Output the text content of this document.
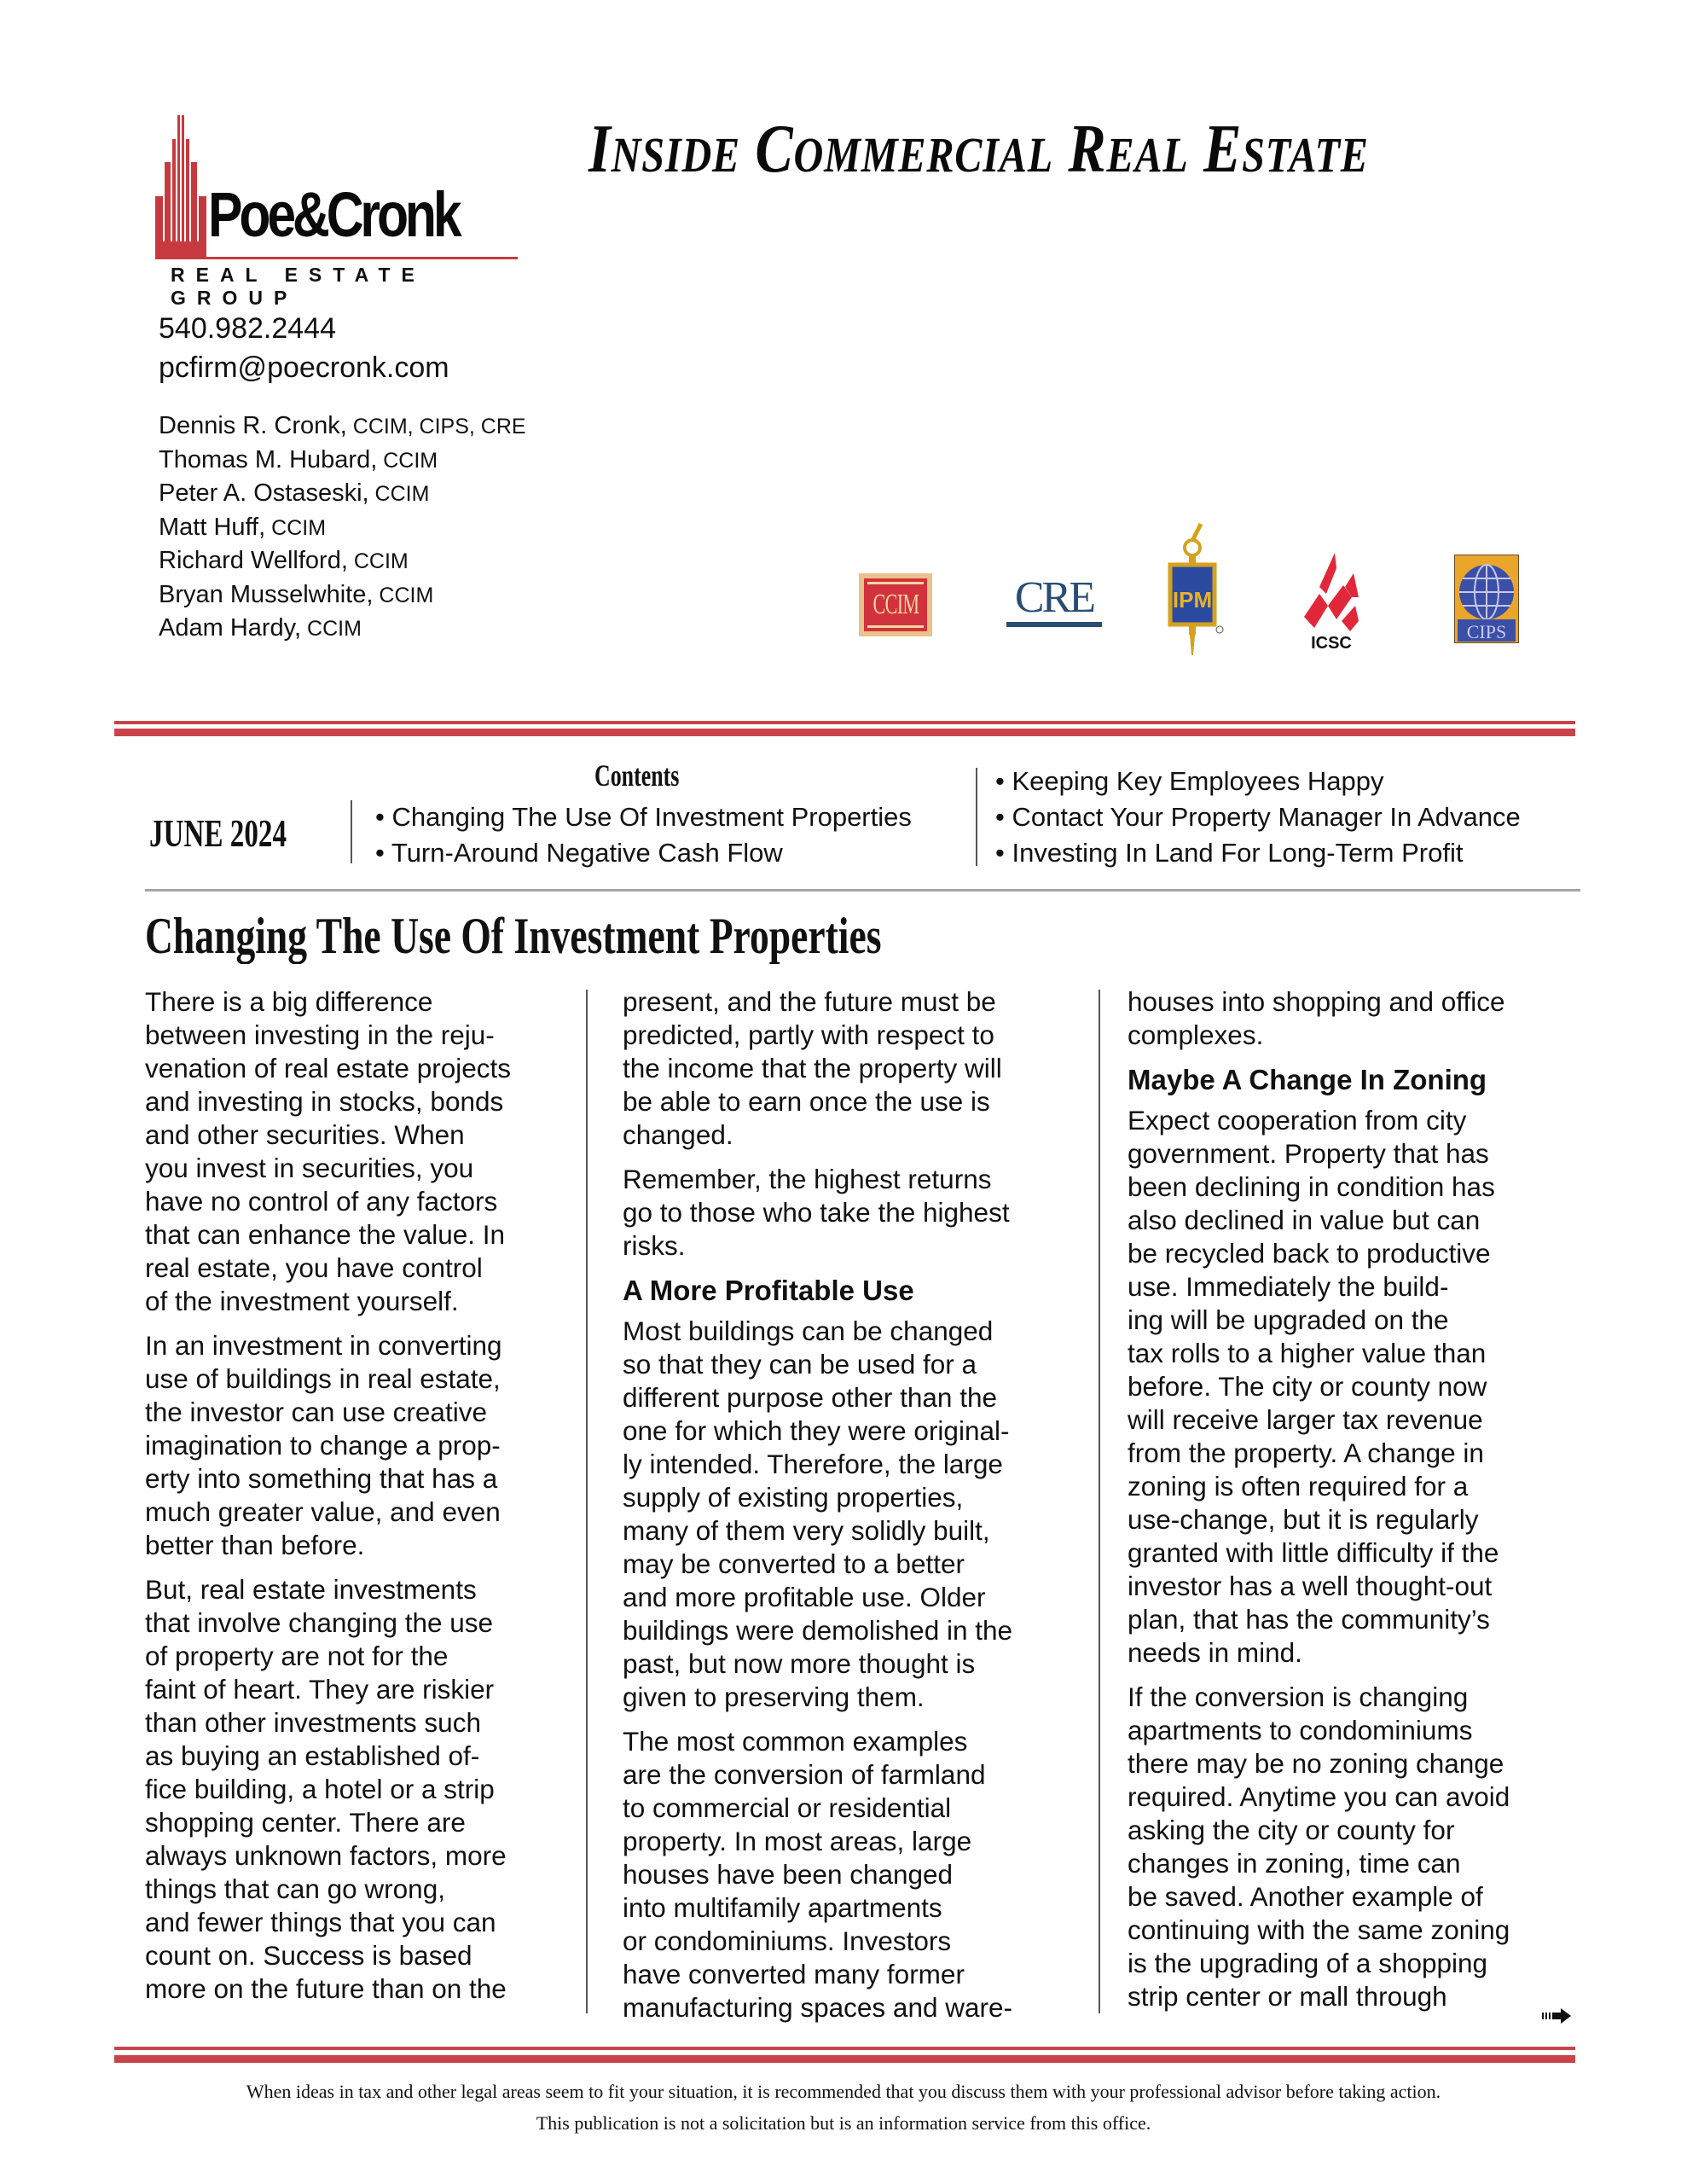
Poe&Cronk
REAL ESTATE GROUP
INSIDE COMMERCIAL REAL ESTATE
540.982.2444
pcfirm@poecronk.com
Dennis R. Cronk, CCIM, CIPS, CRE
Thomas M. Hubard, CCIM
Peter A. Ostaseski, CCIM
Matt Huff, CCIM
Richard Wellford, CCIM
Bryan Musselwhite, CCIM
Adam Hardy, CCIM
CCIM CRE	IPM
ICSC
CIPS
JUNE 2024
Contents
• Changing The Use Of Investment Properties
• Turn-Around Negative Cash Flow
• Keeping Key Employees Happy
• Contact Your Property Manager In Advance
• Investing In Land For Long-Term Profit
Changing The Use Of Investment Properties

There is a big difference
between investing in the reju-
venation of real estate projects
and investing in stocks, bonds
and other securities. When
you invest in securities, you
have no control of any factors
that can enhance the value. In
real estate, you have control
of the investment yourself.

In an investment in converting
use of buildings in real estate,
the investor can use creative
imagination to change a prop-
erty into something that has a
much greater value, and even
better than before.

But, real estate investments
that involve changing the use
of property are not for the
faint of heart. They are riskier
than other investments such
as buying an established of-
fice building, a hotel or a strip
shopping center. There are
always unknown factors, more
things that can go wrong,
and fewer things that you can
count on. Success is based
more on the future than on the

present, and the future must be
predicted, partly with respect to
the income that the property will
be able to earn once the use is
changed.

Remember, the highest returns
go to those who take the highest
risks.

A More Profitable Use

Most buildings can be changed
so that they can be used for a
different purpose other than the
one for which they were original-
ly intended. Therefore, the large
supply of existing properties,
many of them very solidly built,
may be converted to a better
and more profitable use. Older
buildings were demolished in the
past, but now more thought is
given to preserving them.

The most common examples
are the conversion of farmland
to commercial or residential
property. In most areas, large
houses have been changed
into multifamily apartments
or condominiums. Investors
have converted many former
manufacturing spaces and ware-

houses into shopping and office
complexes.

Maybe A Change In Zoning

Expect cooperation from city
government. Property that has
been declining in condition has
also declined in value but can
be recycled back to productive
use. Immediately the build-
ing will be upgraded on the
tax rolls to a higher value than
before. The city or county now
will receive larger tax revenue
from the property. A change in
zoning is often required for a
use-change, but it is regularly
granted with little difficulty if the
investor has a well thought-out
plan, that has the community’s
needs in mind.

If the conversion is changing
apartments to condominiums
there may be no zoning change
required. Anytime you can avoid
asking the city or county for
changes in zoning, time can
be saved. Another example of
continuing with the same zoning
is the upgrading of a shopping
strip center or mall through

When ideas in tax and other legal areas seem to fit your situation, it is recommended that you discuss them with your professional advisor before taking action.
This publication is not a solicitation but is an information service from this office.
